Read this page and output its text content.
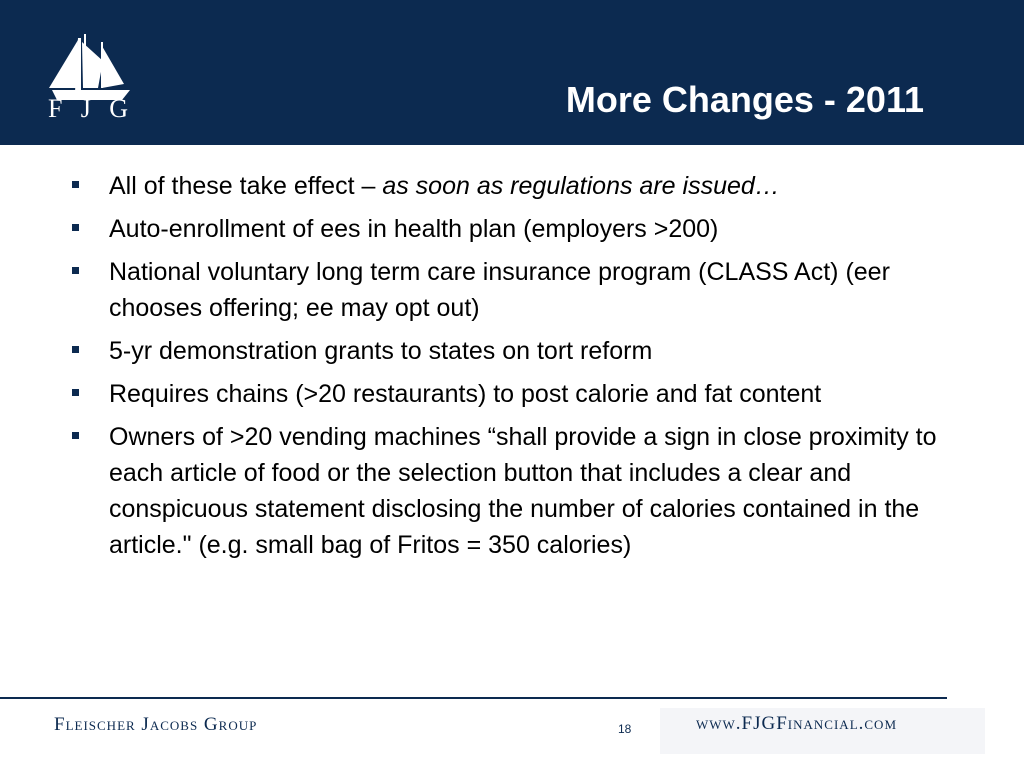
F J G	More Changes - 2011
All of these take effect – as soon as regulations are issued…
Auto-enrollment of ees in health plan (employers >200)
National voluntary long term care insurance program (CLASS Act) (eer chooses offering; ee may opt out)
5-yr demonstration grants to states on tort reform
Requires chains (>20 restaurants) to post calorie and fat content
Owners of >20 vending machines “shall provide a sign in close proximity to each article of food or the selection button that includes a clear and conspicuous statement disclosing the number of calories contained in the article." (e.g. small bag of Fritos = 350 calories)
Fleischer Jacobs Group	18	www.FJGFinancial.com
